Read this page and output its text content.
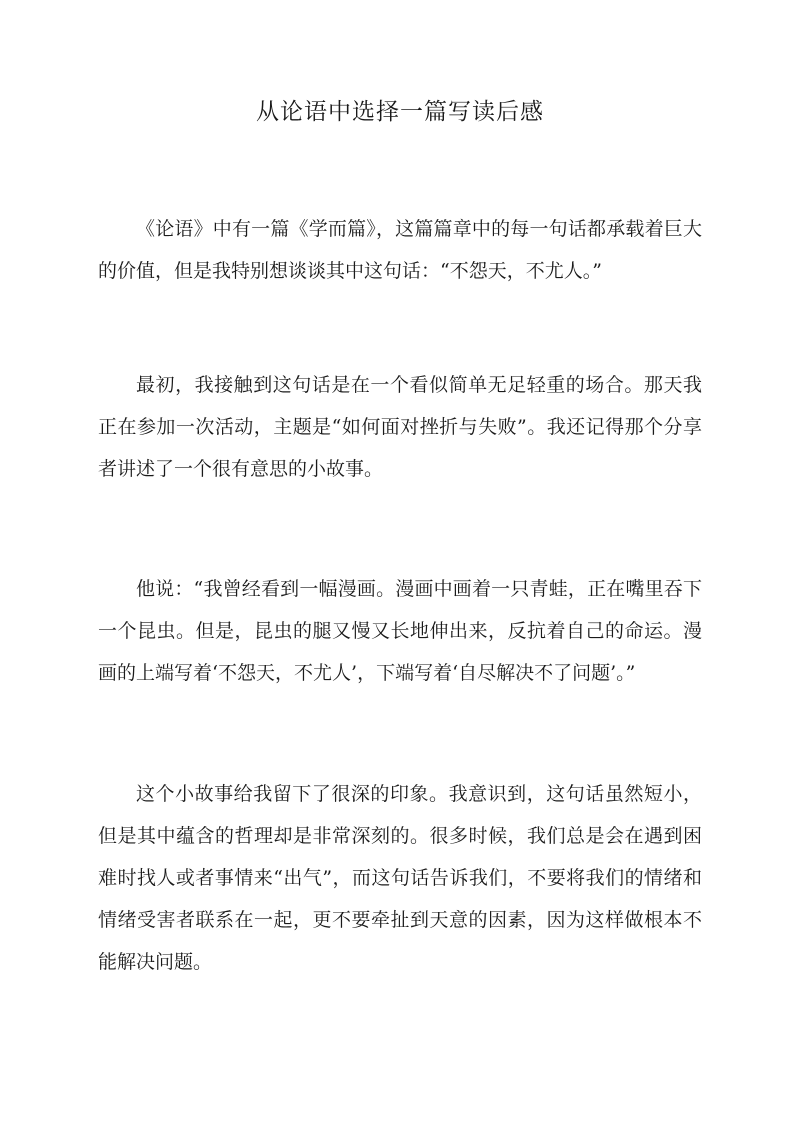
从论语中选择一篇写读后感

《论语》中有一篇《学而篇》，这篇篇章中的每一句话都承载着巨大的价值，但是我特别想谈谈其中这句话：“不怨天，不尤人。”

最初，我接触到这句话是在一个看似简单无足轻重的场合。那天我正在参加一次活动，主题是“如何面对挫折与失败”。我还记得那个分享者讲述了一个很有意思的小故事。

他说：“我曾经看到一幅漫画。漫画中画着一只青蛙，正在嘴里吞下一个昆虫。但是，昆虫的腿又慢又长地伸出来，反抗着自己的命运。漫画的上端写着‘不怨天，不尤人’，下端写着‘自尽解决不了问题’。”

这个小故事给我留下了很深的印象。我意识到，这句话虽然短小，但是其中蕴含的哲理却是非常深刻的。很多时候，我们总是会在遇到困难时找人或者事情来“出气”，而这句话告诉我们，不要将我们的情绪和情绪受害者联系在一起，更不要牵扯到天意的因素，因为这样做根本不能解决问题。
